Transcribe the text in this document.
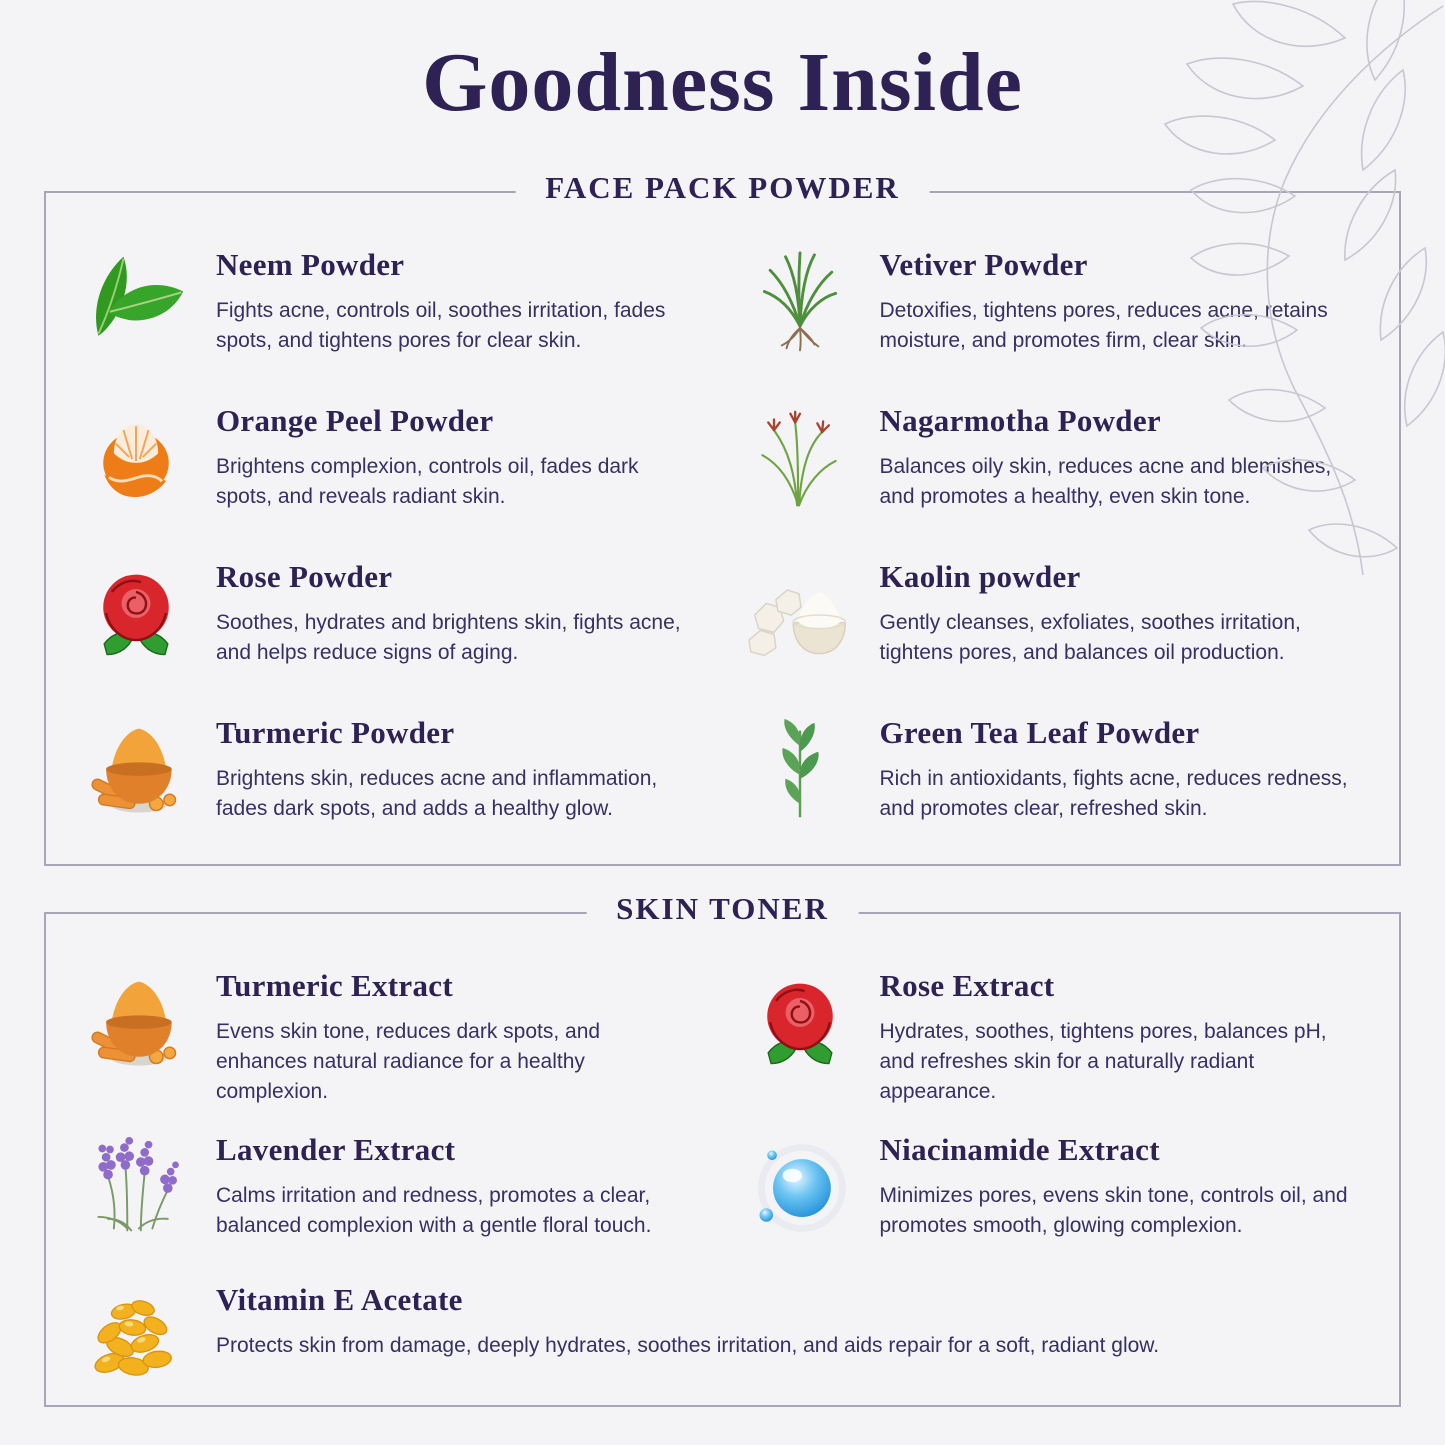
Goodness Inside
FACE PACK POWDER
Neem Powder
Fights acne, controls oil, soothes irritation, fades spots, and tightens pores for clear skin.
Vetiver Powder
Detoxifies, tightens pores, reduces acne, retains moisture, and promotes firm, clear skin.
Orange Peel Powder
Brightens complexion, controls oil, fades dark spots, and reveals radiant skin.
Nagarmotha Powder
Balances oily skin, reduces acne and blemishes, and promotes a healthy, even skin tone.
Rose Powder
Soothes, hydrates and brightens skin, fights acne, and helps reduce signs of aging.
Kaolin powder
Gently cleanses, exfoliates, soothes irritation, tightens pores, and balances oil production.
Turmeric Powder
Brightens skin, reduces acne and inflammation, fades dark spots, and adds a healthy glow.
Green Tea Leaf Powder
Rich in antioxidants, fights acne, reduces redness, and promotes clear, refreshed skin.
SKIN TONER
Turmeric Extract
Evens skin tone, reduces dark spots, and enhances natural radiance for a healthy complexion.
Rose Extract
Hydrates, soothes, tightens pores, balances pH, and refreshes skin for a naturally radiant appearance.
Lavender Extract
Calms irritation and redness, promotes a clear, balanced complexion with a gentle floral touch.
Niacinamide Extract
Minimizes pores, evens skin tone, controls oil, and promotes smooth, glowing complexion.
Vitamin E Acetate
Protects skin from damage, deeply hydrates, soothes irritation, and aids repair for a soft, radiant glow.
